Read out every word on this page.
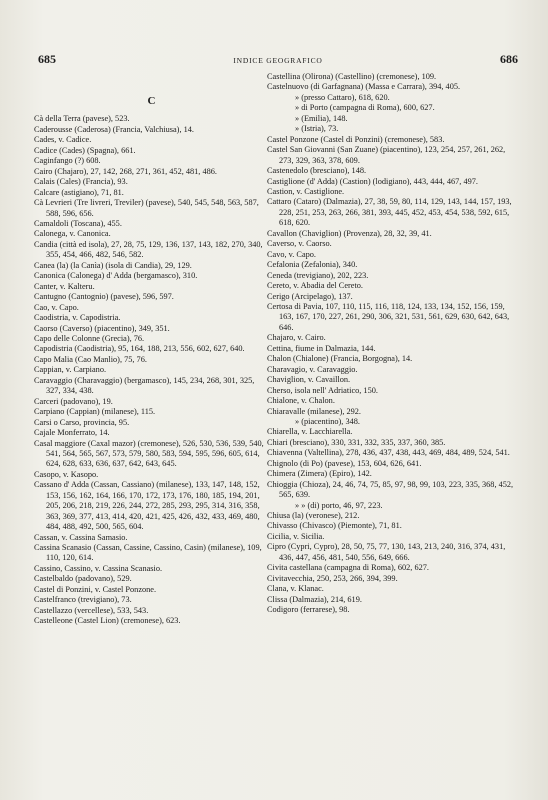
685	INDICE GEOGRAFICO	686
C
Cà della Terra (pavese), 523.
Caderousse (Caderosa) (Francia, Valchiusa), 14.
Cades, v. Cadice.
Cadice (Cades) (Spagna), 661.
Caginfango (?) 608.
Cairo (Chajaro), 27, 142, 268, 271, 361, 452, 481, 486.
Calais (Cales) (Francia), 93.
Calcare (astigiano), 71, 81.
Cà Levrieri (Tre livreri, Treviler) (pavese), 540, 545, 548, 563, 587, 588, 596, 656.
Camaldoli (Toscana), 455.
Calonega, v. Canonica.
Candia (città ed isola), 27, 28, 75, 129, 136, 137, 143, 182, 270, 340, 355, 454, 466, 482, 546, 582.
Canea (la) (la Canìa) (isola di Candia), 29, 129.
Canonica (Calonega) d' Adda (bergamasco), 310.
Canter, v. Kalteru.
Cantugno (Cantognio) (pavese), 596, 597.
Cao, v. Capo.
Caodistria, v. Capodistria.
Caorso (Caverso) (piacentino), 349, 351.
Capo delle Colonne (Grecia), 76.
Capodistria (Caodistria), 95, 164, 188, 213, 556, 602, 627, 640.
Capo Malia (Cao Manlio), 75, 76.
Cappian, v. Carpiano.
Caravaggio (Charavaggio) (bergamasco), 145, 234, 268, 301, 325, 327, 334, 438.
Carceri (padovano), 19.
Carpiano (Cappian) (milanese), 115.
Carsi o Carso, provincia, 95.
Cajale Monferrato, 14.
Casal maggiore (Caxal mazor) (cremonese), 526, 530, 536, 539, 540, 541, 564, 565, 567, 573, 579, 580, 583, 594, 595, 596, 605, 614, 624, 628, 633, 636, 637, 642, 643, 645.
Casopo, v. Kasopo.
Cassano d' Adda (Cassan, Cassiano) (milanese), 133, 147, 148, 152, 153, 156, 162, 164, 166, 170, 172, 173, 176, 180, 185, 194, 201, 205, 206, 218, 219, 226, 244, 272, 285, 293, 295, 314, 316, 358, 363, 369, 377, 413, 414, 420, 421, 425, 426, 432, 433, 469, 480, 484, 488, 492, 500, 565, 604.
Cassan, v. Cassina Samasio.
Cassina Scanasio (Cassan, Cassine, Cassino, Casin) (milanese), 109, 110, 120, 614.
Cassino, Cassino, v. Cassina Scanasio.
Castelbaldo (padovano), 529.
Castel di Ponzini, v. Castel Ponzone.
Castelfranco (trevigiano), 73.
Castellazzo (vercellese), 533, 543.
Castelleone (Castel Lion) (cremonese), 623.
Castellina (Olirona) (Castellino) (cremonese), 109.
Castelnuovo (di Garfagnana) (Massa e Carrara), 394, 405.
» (presso Cattaro), 618, 620.
» di Porto (campagna di Roma), 600, 627.
» (Emilia), 148.
» (Istria), 73.
Castel Ponzone (Castel di Ponzini) (cremonese), 583.
Castel San Giovanni (San Zuane) (piacentino), 123, 254, 257, 261, 262, 273, 329, 363, 378, 609.
Castenedolo (bresciano), 148.
Castiglione (d' Adda) (Castion) (lodigiano), 443, 444, 467, 497.
Castion, v. Castiglione.
Cattaro (Cataro) (Dalmazia), 27, 38, 59, 80, 114, 129, 143, 144, 157, 193, 228, 251, 253, 263, 266, 381, 393, 445, 452, 453, 454, 538, 592, 615, 618, 620.
Cavallon (Chaviglion) (Provenza), 28, 32, 39, 41.
Caverso, v. Caorso.
Cavo, v. Capo.
Cefalonia (Zefalonia), 340.
Ceneda (trevigiano), 202, 223.
Cereto, v. Abadia del Cereto.
Cerigo (Arcipelago), 137.
Certosa di Pavia, 107, 110, 115, 116, 118, 124, 133, 134, 152, 156, 159, 163, 167, 170, 227, 261, 290, 306, 321, 531, 561, 629, 630, 642, 643, 646.
Chajaro, v. Cairo.
Cettina, fiume in Dalmazia, 144.
Chalon (Chialone) (Francia, Borgogna), 14.
Charavagio, v. Caravaggio.
Chaviglion, v. Cavaillon.
Cherso, isola nell' Adriatico, 150.
Chialone, v. Chalon.
Chiaravalle (milanese), 292.
» (piacentino), 348.
Chiarella, v. Lacchiarella.
Chiari (bresciano), 330, 331, 332, 335, 337, 360, 385.
Chiavenna (Valtellina), 278, 436, 437, 438, 443, 469, 484, 489, 524, 541.
Chignolo (di Po) (pavese), 153, 604, 626, 641.
Chimera (Zimera) (Epiro), 142.
Chioggia (Chioza), 24, 46, 74, 75, 85, 97, 98, 99, 103, 223, 335, 368, 452, 565, 639.
» » (di) porto, 46, 97, 223.
Chiusa (la) (veronese), 212.
Chivasso (Chivasco) (Piemonte), 71, 81.
Cicilia, v. Sicilia.
Cipro (Cypri, Cypro), 28, 50, 75, 77, 130, 143, 213, 240, 316, 374, 431, 436, 447, 456, 481, 540, 556, 649, 666.
Civita castellana (campagna di Roma), 602, 627.
Civitavecchia, 250, 253, 266, 394, 399.
Clana, v. Klanac.
Clissa (Dalmazia), 214, 619.
Codigoro (ferrarese), 98.
